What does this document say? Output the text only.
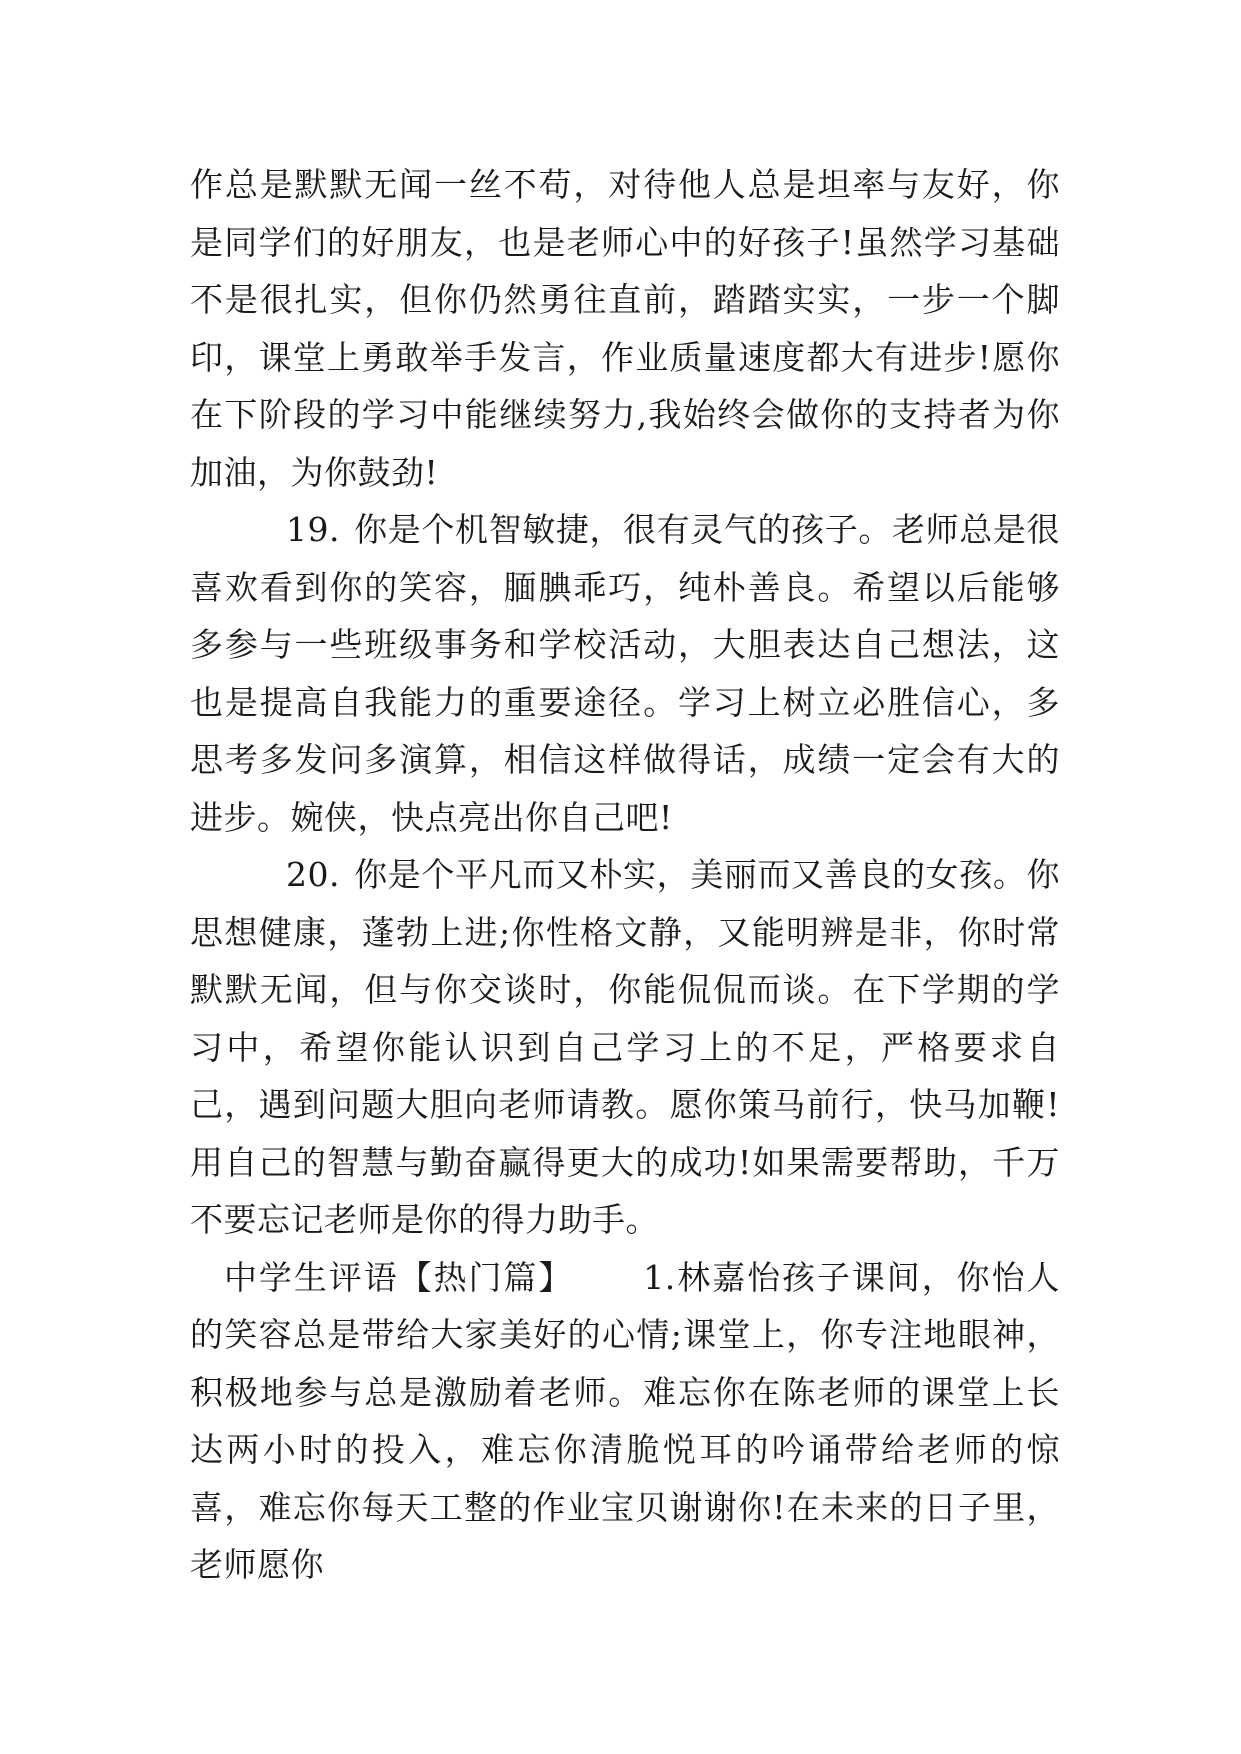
作总是默默无闻一丝不苟，对待他人总是坦率与友好，你是同学们的好朋友，也是老师心中的好孩子!虽然学习基础不是很扎实，但你仍然勇往直前，踏踏实实，一步一个脚印，课堂上勇敢举手发言，作业质量速度都大有进步!愿你在下阶段的学习中能继续努力,我始终会做你的支持者为你加油，为你鼓劲!

19. 你是个机智敏捷，很有灵气的孩子。老师总是很喜欢看到你的笑容，腼腆乖巧，纯朴善良。希望以后能够多参与一些班级事务和学校活动，大胆表达自己想法，这也是提高自我能力的重要途径。学习上树立必胜信心，多思考多发问多演算，相信这样做得话，成绩一定会有大的进步。婉侠，快点亮出你自己吧!

20. 你是个平凡而又朴实，美丽而又善良的女孩。你思想健康，蓬勃上进;你性格文静，又能明辨是非，你时常默默无闻，但与你交谈时，你能侃侃而谈。在下学期的学习中，希望你能认识到自己学习上的不足，严格要求自己，遇到问题大胆向老师请教。愿你策马前行，快马加鞭!用自己的智慧与勤奋赢得更大的成功!如果需要帮助，千万不要忘记老师是你的得力助手。

中学生评语【热门篇】 1.林嘉怡孩子课间，你怡人的笑容总是带给大家美好的心情;课堂上，你专注地眼神，积极地参与总是激励着老师。难忘你在陈老师的课堂上长达两小时的投入，难忘你清脆悦耳的吟诵带给老师的惊喜，难忘你每天工整的作业宝贝谢谢你!在未来的日子里，老师愿你
